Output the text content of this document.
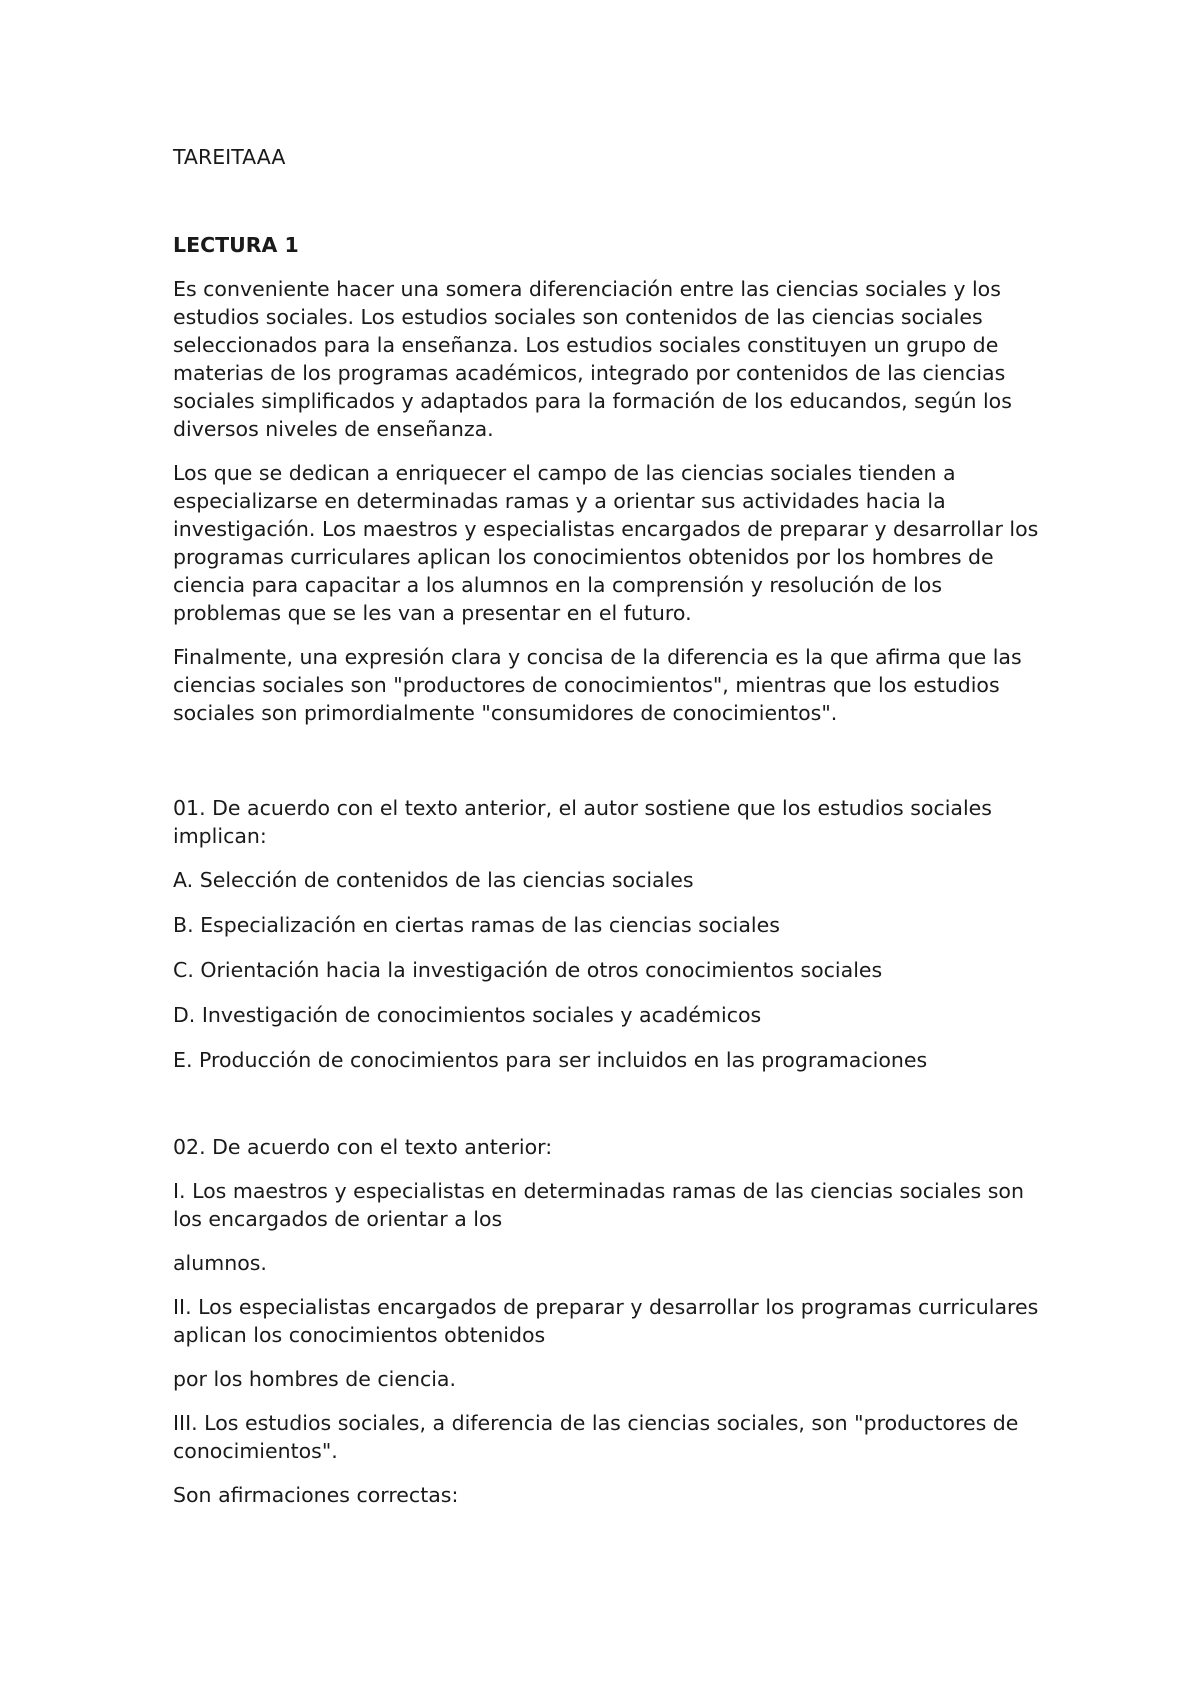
TAREITAAA

LECTURA 1

Es conveniente hacer una somera diferenciación entre las ciencias sociales y los estudios sociales. Los estudios sociales son contenidos de las ciencias sociales seleccionados para la enseñanza. Los estudios sociales constituyen un grupo de materias de los programas académicos, integrado por contenidos de las ciencias sociales simplificados y adaptados para la formación de los educandos, según los diversos niveles de enseñanza.

Los que se dedican a enriquecer el campo de las ciencias sociales tienden a especializarse en determinadas ramas y a orientar sus actividades hacia la investigación. Los maestros y especialistas encargados de preparar y desarrollar los programas curriculares aplican los conocimientos obtenidos por los hombres de ciencia para capacitar a los alumnos en la comprensión y resolución de los problemas que se les van a presentar en el futuro.

Finalmente, una expresión clara y concisa de la diferencia es la que afirma que las ciencias sociales son "productores de conocimientos", mientras que los estudios sociales son primordialmente "consumidores de conocimientos".

01. De acuerdo con el texto anterior, el autor sostiene que los estudios sociales implican:

A. Selección de contenidos de las ciencias sociales

B. Especialización en ciertas ramas de las ciencias sociales

C. Orientación hacia la investigación de otros conocimientos sociales

D. Investigación de conocimientos sociales y académicos

E. Producción de conocimientos para ser incluidos en las programaciones

02. De acuerdo con el texto anterior:

I. Los maestros y especialistas en determinadas ramas de las ciencias sociales son los encargados de orientar a los

alumnos.

II. Los especialistas encargados de preparar y desarrollar los programas curriculares aplican los conocimientos obtenidos

por los hombres de ciencia.

III. Los estudios sociales, a diferencia de las ciencias sociales, son "productores de conocimientos".

Son afirmaciones correctas:
